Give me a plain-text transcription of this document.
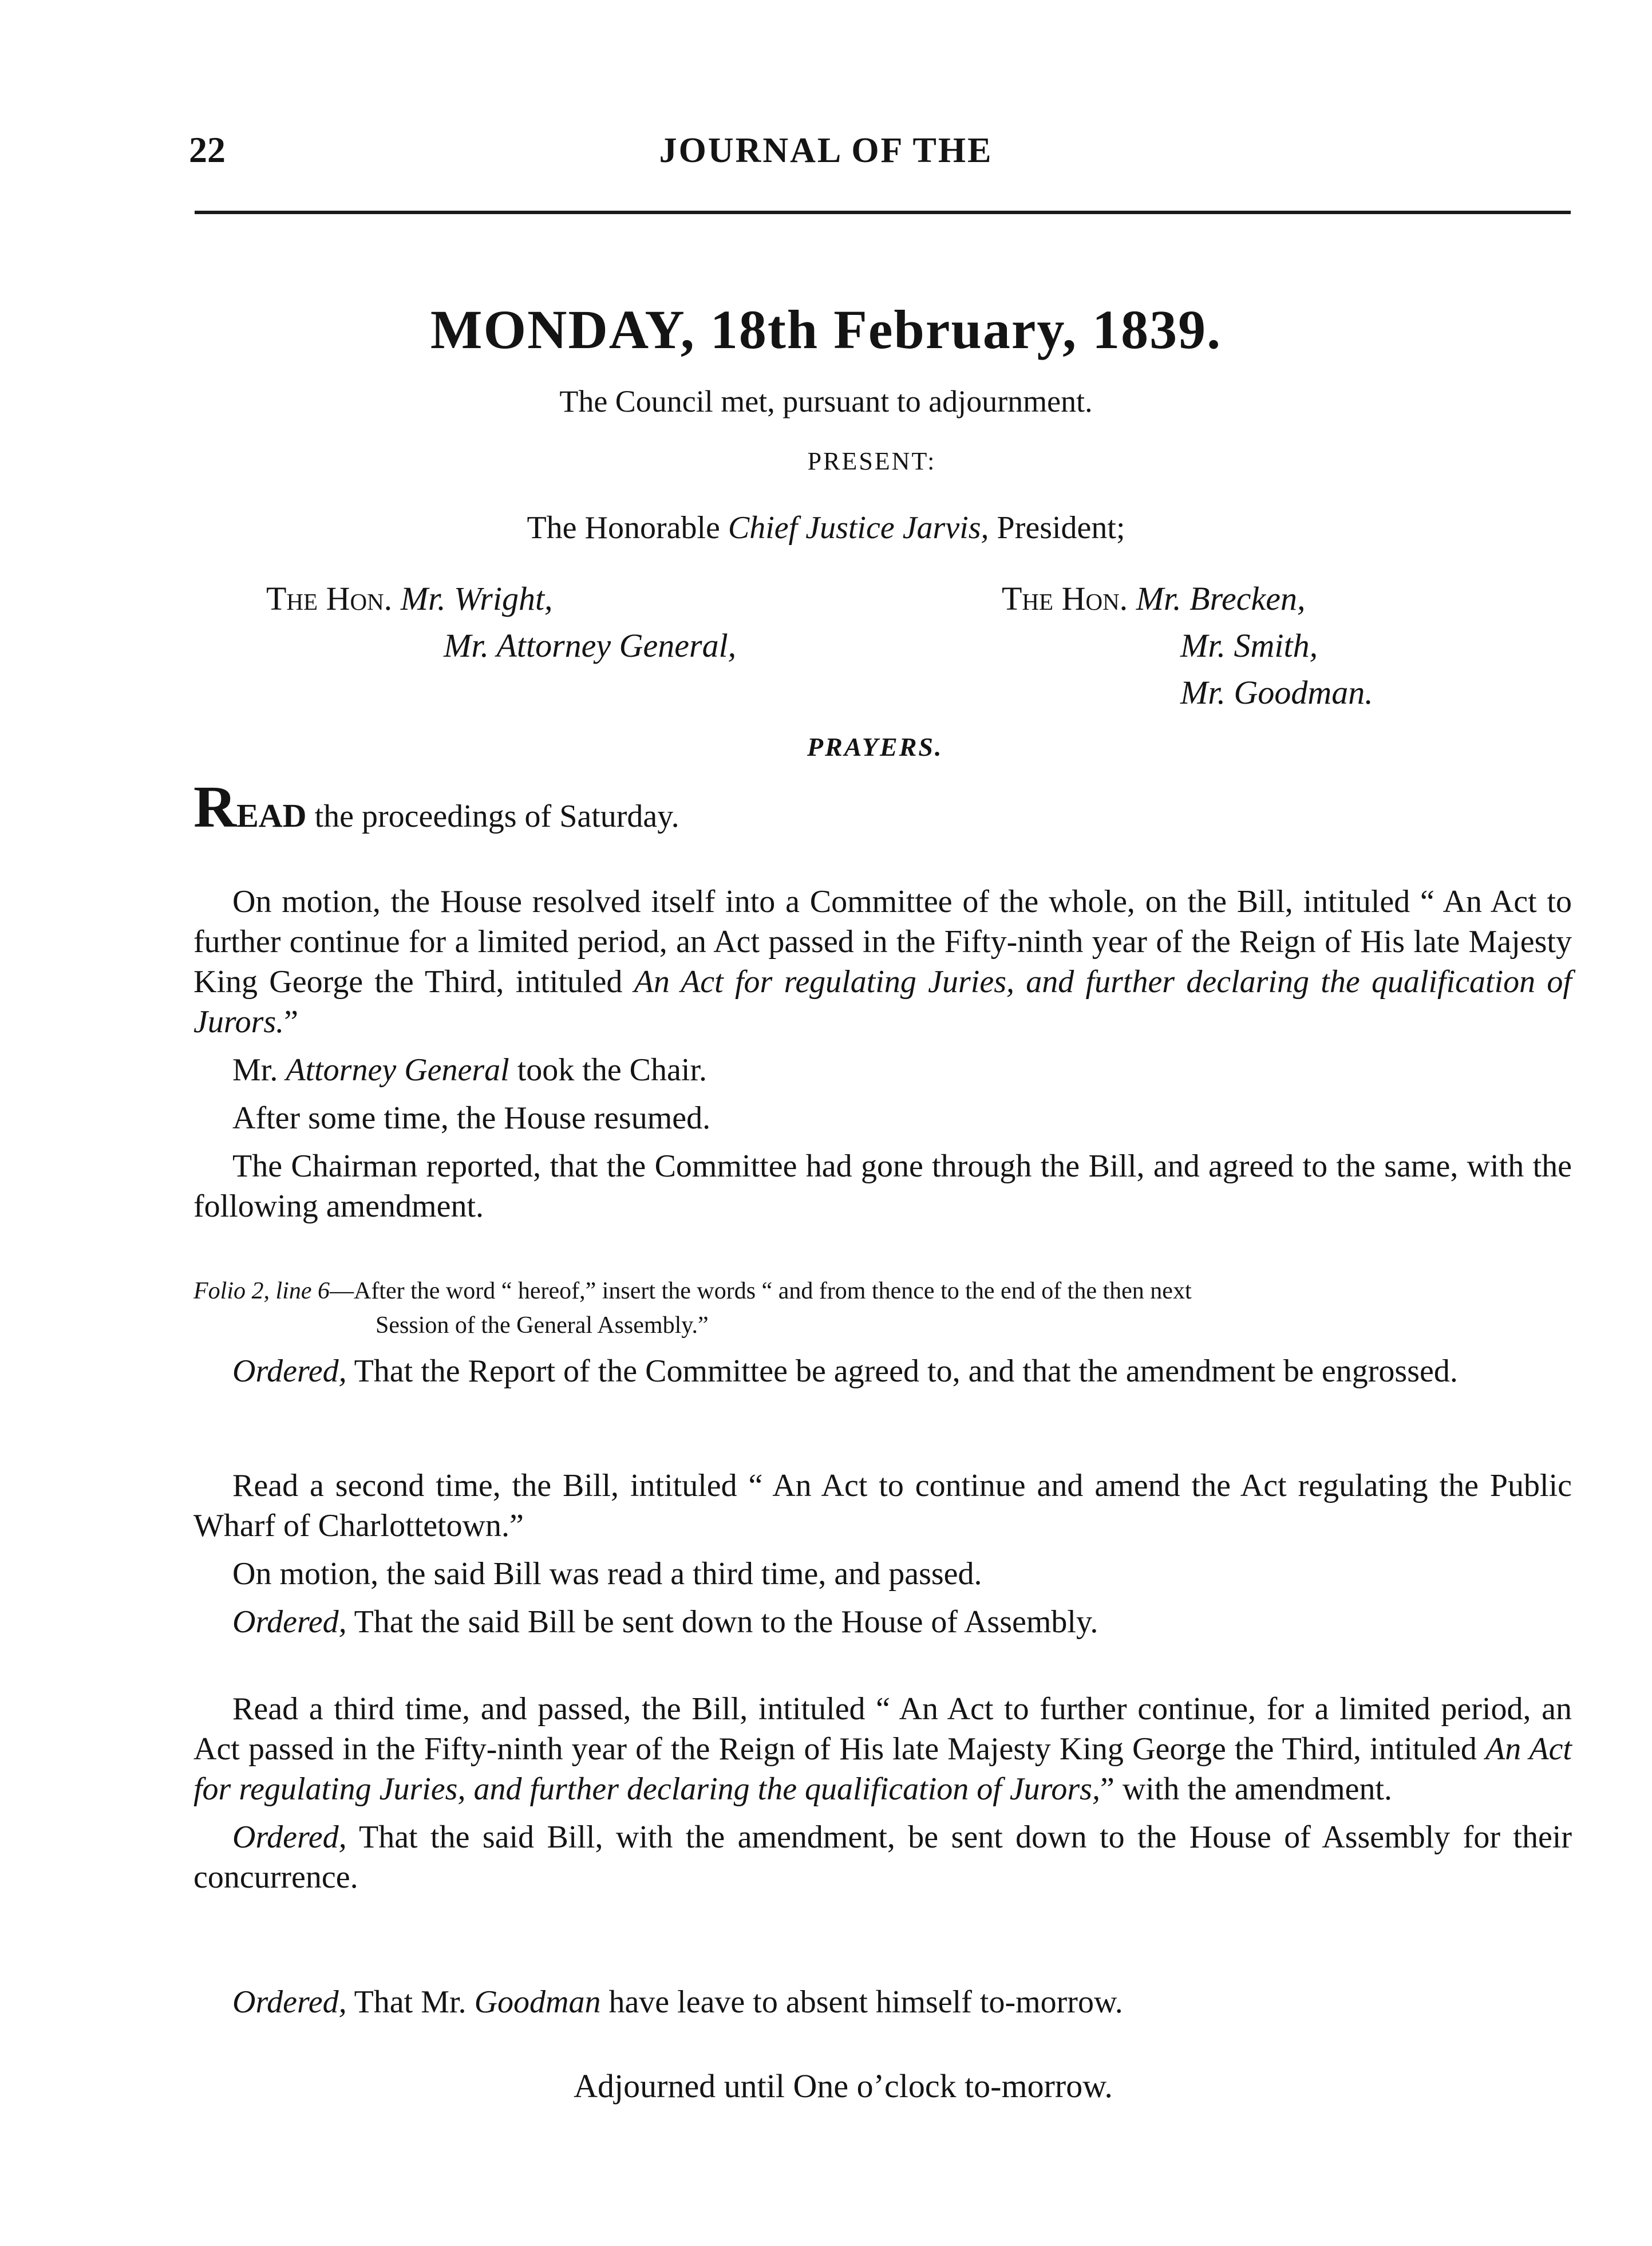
22	JOURNAL OF THE
MONDAY, 18th February, 1839.
The Council met, pursuant to adjournment.
PRESENT:
The Honorable Chief Justice Jarvis, President;
The Hon. Mr. Wright,
Mr. Attorney General,
The Hon. Mr. Brecken,
Mr. Smith,
Mr. Goodman.
PRAYERS.
READ the proceedings of Saturday.

On motion, the House resolved itself into a Committee of the whole, on the Bill, intituled “ An Act to further continue for a limited period, an Act passed in the Fifty-ninth year of the Reign of His late Majesty King George the Third, intituled An Act for regulating Juries, and further declaring the qualification of Jurors.”

Mr. Attorney General took the Chair.

After some time, the House resumed.

The Chairman reported, that the Committee had gone through the Bill, and agreed to the same, with the following amendment.

Folio 2, line 6—After the word “ hereof,” insert the words “ and from thence to the end of the then next
Session of the General Assembly.”

Ordered, That the Report of the Committee be agreed to, and that the amendment be engrossed.

Read a second time, the Bill, intituled “ An Act to continue and amend the Act regulating the Public Wharf of Charlottetown.”

On motion, the said Bill was read a third time, and passed.

Ordered, That the said Bill be sent down to the House of Assembly.

Read a third time, and passed, the Bill, intituled “ An Act to further continue, for a limited period, an Act passed in the Fifty-ninth year of the Reign of His late Majesty King George the Third, intituled An Act for regulating Juries, and further declaring the qualification of Jurors,” with the amendment.

Ordered, That the said Bill, with the amendment, be sent down to the House of Assembly for their concurrence.

Ordered, That Mr. Goodman have leave to absent himself to-morrow.

Adjourned until One o’clock to-morrow.
